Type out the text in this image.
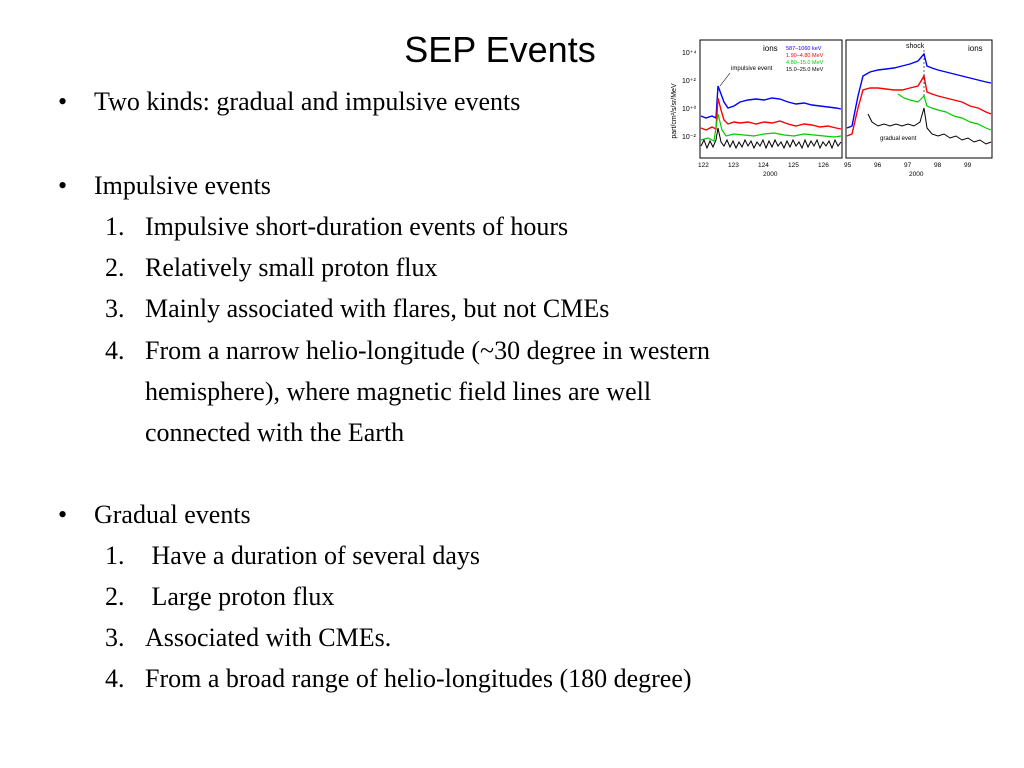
SEP Events
• Two kinds: gradual and impulsive events
• Impulsive events
1. Impulsive short-duration events of hours
2. Relatively small proton flux
3. Mainly associated with flares, but not CMEs
4. From a narrow helio-longitude (~30 degree in western
hemisphere), where magnetic field lines are well
connected with the Earth
• Gradual events
1. Have a duration of several days
2. Large proton flux
3. Associated with CMEs.
4. From a broad range of helio-longitudes (180 degree)
part/cm²/s/sr/MeV
10⁺⁴
10⁺²
10⁺⁰
10⁻²
ions
impulsive event
587–1060 keV
1.90–4.80 MeV
4.80–15.0 MeV
15.0–25.0 MeV
shock	ions
gradual event
122	123	124	125	126
2000
95	96	97	98	99
2000
